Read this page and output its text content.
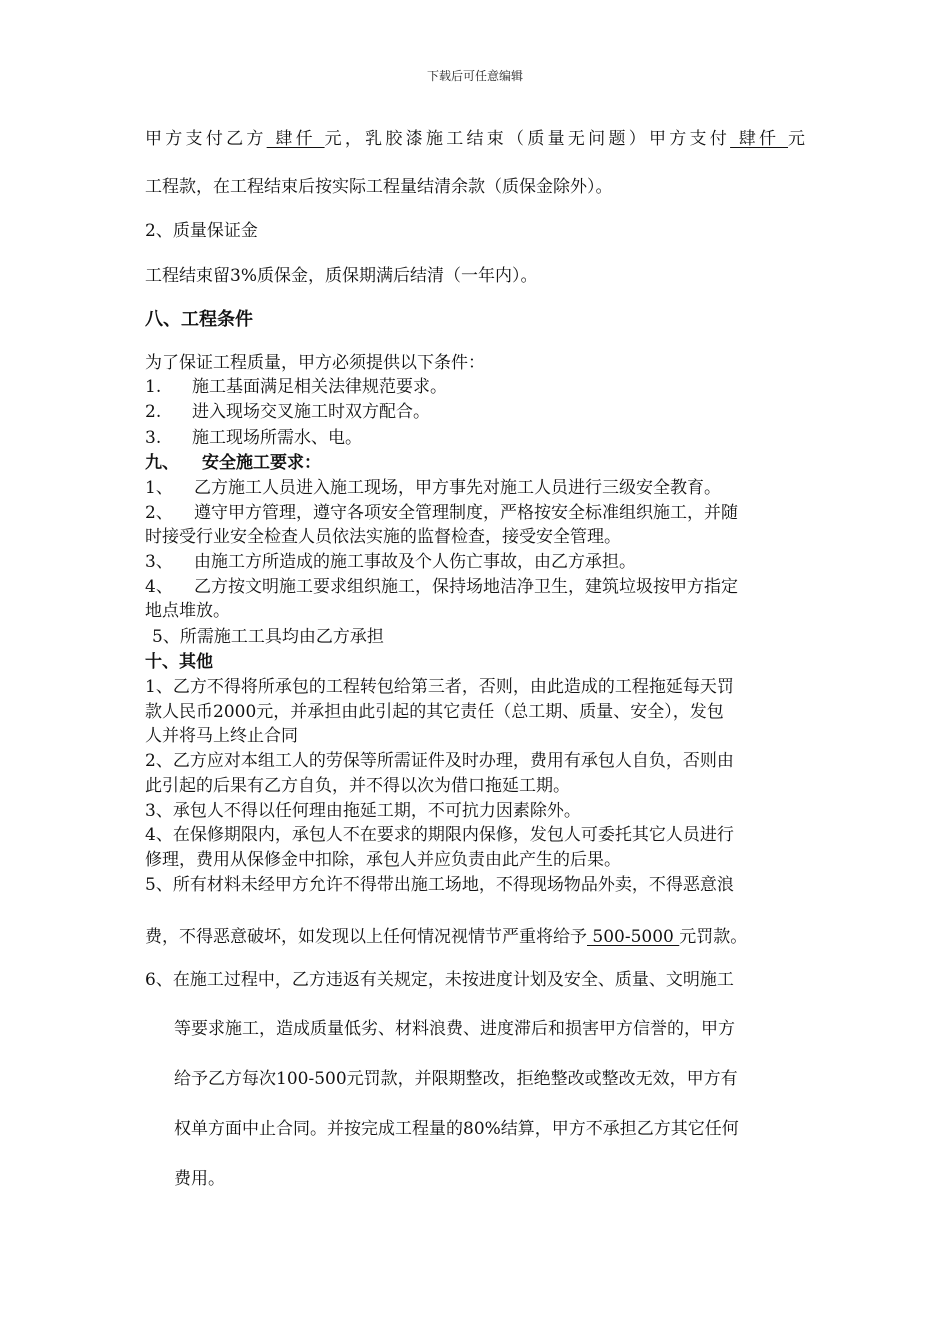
下载后可任意编辑
甲方支付乙方 肆仟 元，乳胶漆施工结束（质量无问题）甲方支付 肆仟 元
工程款，在工程结束后按实际工程量结清余款（质保金除外）。
2、质量保证金
工程结束留3%质保金，质保期满后结清（一年内）。
八、工程条件
为了保证工程质量，甲方必须提供以下条件：
1. 施工基面满足相关法律规范要求。
2. 进入现场交叉施工时双方配合。
3. 施工现场所需水、电。
九、 安全施工要求：
1、 乙方施工人员进入施工现场，甲方事先对施工人员进行三级安全教育。
2、 遵守甲方管理，遵守各项安全管理制度，严格按安全标准组织施工，并随
时接受行业安全检查人员依法实施的监督检查，接受安全管理。
3、 由施工方所造成的施工事故及个人伤亡事故，由乙方承担。
4、 乙方按文明施工要求组织施工，保持场地洁净卫生，建筑垃圾按甲方指定
地点堆放。
5、所需施工工具均由乙方承担
十、其他
1、乙方不得将所承包的工程转包给第三者，否则，由此造成的工程拖延每天罚
款人民币2000元，并承担由此引起的其它责任（总工期、质量、安全），发包
人并将马上终止合同
2、乙方应对本组工人的劳保等所需证件及时办理，费用有承包人自负，否则由
此引起的后果有乙方自负，并不得以次为借口拖延工期。
3、承包人不得以任何理由拖延工期，不可抗力因素除外。
4、在保修期限内，承包人不在要求的期限内保修，发包人可委托其它人员进行
修理，费用从保修金中扣除，承包人并应负责由此产生的后果。
5、所有材料未经甲方允许不得带出施工场地，不得现场物品外卖，不得恶意浪
费，不得恶意破坏，如发现以上任何情况视情节严重将给予 500-5000 元罚款。
6、在施工过程中，乙方违返有关规定，未按进度计划及安全、质量、文明施工
等要求施工，造成质量低劣、材料浪费、进度滞后和损害甲方信誉的，甲方
给予乙方每次100-500元罚款，并限期整改，拒绝整改或整改无效，甲方有
权单方面中止合同。并按完成工程量的80%结算，甲方不承担乙方其它任何
费用。
